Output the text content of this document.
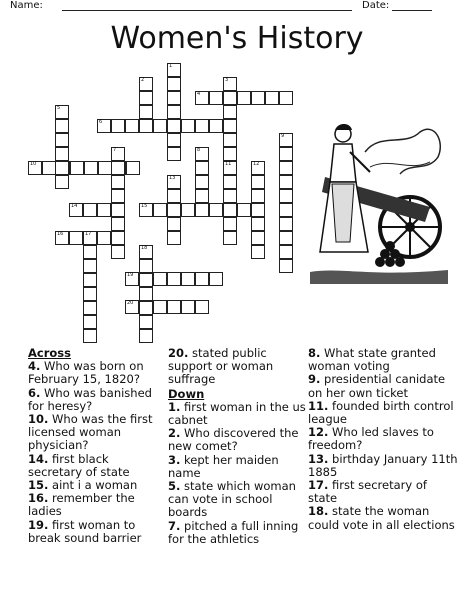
Name:	Date:
Women's History
1
2	3
4
5
6
7	8
9
10	11	12
13
14	15
16	17
18
19
20
Across
4. Who was born on February 15, 1820?
6. Who was banished for heresy?
10. Who was the first licensed woman physician?
14. first black secretary of state
15. aint i a woman
16. remember the ladies
19. first woman to break sound barrier
20. stated public support or woman suffrage
Down
1. first woman in the us cabnet
2. Who discovered the new comet?
3. kept her maiden name
5. state which woman can vote in school boards
7. pitched a full inning for the athletics
8. What state granted woman voting
9. presidential canidate on her own ticket
11. founded birth control league
12. Who led slaves to freedom?
13. birthday January 11th 1885
17. first secretary of state
18. state the woman could vote in all elections
